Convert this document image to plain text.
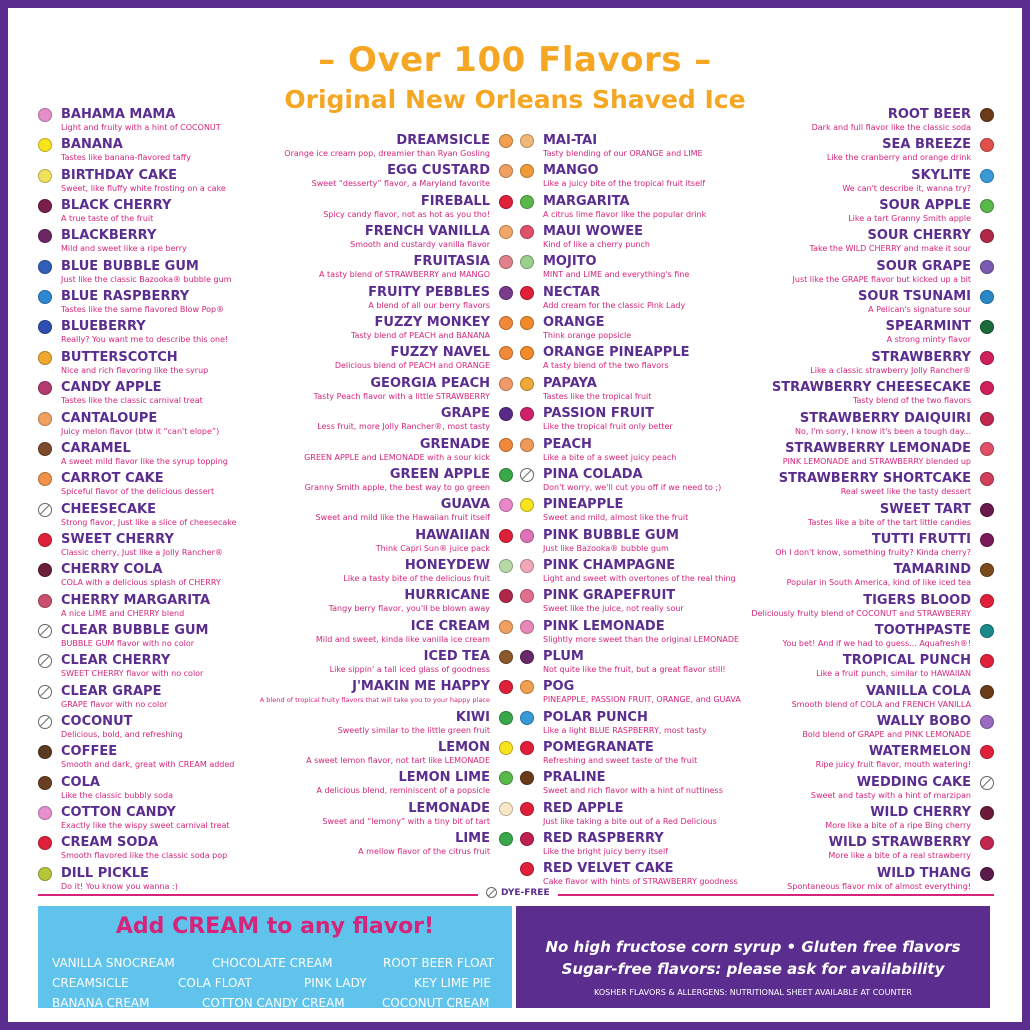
– Over 100 Flavors –
Original New Orleans Shaved Ice
BAHAMA MAMA
Light and fruity with a hint of COCONUT
BANANA
Tastes like banana-flavored taffy
BIRTHDAY CAKE
Sweet, like fluffy white frosting on a cake
BLACK CHERRY
A true taste of the fruit
BLACKBERRY
Mild and sweet like a ripe berry
BLUE BUBBLE GUM
Just like the classic Bazooka® bubble gum
BLUE RASPBERRY
Tastes like the same flavored Blow Pop®
BLUEBERRY
Really? You want me to describe this one!
BUTTERSCOTCH
Nice and rich flavoring like the syrup
CANDY APPLE
Tastes like the classic carnival treat
CANTALOUPE
Juicy melon flavor (btw it “can't elope”)
CARAMEL
A sweet mild flavor like the syrup topping
CARROT CAKE
Spiceful flavor of the delicious dessert
CHEESECAKE
Strong flavor, Just like a slice of cheesecake
SWEET CHERRY
Classic cherry, Just like a Jolly Rancher®
CHERRY COLA
COLA with a delicious splash of CHERRY
CHERRY MARGARITA
A nice LIME and CHERRY blend
CLEAR BUBBLE GUM
BUBBLE GUM flavor with no color
CLEAR CHERRY
SWEET CHERRY flavor with no color
CLEAR GRAPE
GRAPE flavor with no color
COCONUT
Delicious, bold, and refreshing
COFFEE
Smooth and dark, great with CREAM added
COLA
Like the classic bubbly soda
COTTON CANDY
Exactly like the wispy sweet carnival treat
CREAM SODA
Smooth flavored like the classic soda pop
DILL PICKLE
Do it! You know you wanna :)
DREAMSICLE
Orange ice cream pop, dreamier than Ryan Gosling
EGG CUSTARD
Sweet “desserty” flavor, a Maryland favorite
FIREBALL
Spicy candy flavor, not as hot as you tho!
FRENCH VANILLA
Smooth and custardy vanilla flavor
FRUITASIA
A tasty blend of STRAWBERRY and MANGO
FRUITY PEBBLES
A blend of all our berry flavors
FUZZY MONKEY
Tasty blend of PEACH and BANANA
FUZZY NAVEL
Delicious blend of PEACH and ORANGE
GEORGIA PEACH
Tasty Peach flavor with a little STRAWBERRY
GRAPE
Less fruit, more Jolly Rancher®, most tasty
GRENADE
GREEN APPLE and LEMONADE with a sour kick
GREEN APPLE
Granny Smith apple, the best way to go green
GUAVA
Sweet and mild like the Hawaiian fruit itself
HAWAIIAN
Think Capri Sun® juice pack
HONEYDEW
Like a tasty bite of the delicious fruit
HURRICANE
Tangy berry flavor, you'll be blown away
ICE CREAM
Mild and sweet, kinda like vanilla ice cream
ICED TEA
Like sippin' a tall iced glass of goodness
J'MAKIN ME HAPPY
A blend of tropical fruity flavors that will take you to your happy place
KIWI
Sweetly similar to the little green fruit
LEMON
A sweet lemon flavor, not tart like LEMONADE
LEMON LIME
A delicious blend, reminiscent of a popsicle
LEMONADE
Sweet and “lemony” with a tiny bit of tart
LIME
A mellow flavor of the citrus fruit
MAI-TAI
Tasty blending of our ORANGE and LIME
MANGO
Like a juicy bite of the tropical fruit itself
MARGARITA
A citrus lime flavor like the popular drink
MAUI WOWEE
Kind of like a cherry punch
MOJITO
MINT and LIME and everything's fine
NECTAR
Add cream for the classic Pink Lady
ORANGE
Think orange popsicle
ORANGE PINEAPPLE
A tasty blend of the two flavors
PAPAYA
Tastes like the tropical fruit
PASSION FRUIT
Like the tropical fruit only better
PEACH
Like a bite of a sweet juicy peach
PINA COLADA
Don't worry, we'll cut you off if we need to ;)
PINEAPPLE
Sweet and mild, almost like the fruit
PINK BUBBLE GUM
Just like Bazooka® bubble gum
PINK CHAMPAGNE
Light and sweet with overtones of the real thing
PINK GRAPEFRUIT
Sweet like the juice, not really sour
PINK LEMONADE
Slightly more sweet than the original LEMONADE
PLUM
Not quite like the fruit, but a great flavor still!
POG
PINEAPPLE, PASSION FRUIT, ORANGE, and GUAVA
POLAR PUNCH
Like a light BLUE RASPBERRY, most tasty
POMEGRANATE
Refreshing and sweet taste of the fruit
PRALINE
Sweet and rich flavor with a hint of nuttiness
RED APPLE
Just like taking a bite out of a Red Delicious
RED RASPBERRY
Like the bright juicy berry itself
RED VELVET CAKE
Cake flavor with hints of STRAWBERRY goodness
ROOT BEER
Dark and full flavor like the classic soda
SEA BREEZE
Like the cranberry and orange drink
SKYLITE
We can't describe it, wanna try?
SOUR APPLE
Like a tart Granny Smith apple
SOUR CHERRY
Take the WILD CHERRY and make it sour
SOUR GRAPE
Just like the GRAPE flavor but kicked up a bit
SOUR TSUNAMI
A Pelican's signature sour
SPEARMINT
A strong minty flavor
STRAWBERRY
Like a classic strawberry Jolly Rancher®
STRAWBERRY CHEESECAKE
Tasty blend of the two flavors
STRAWBERRY DAIQUIRI
No, I'm sorry, I know it's been a tough day...
STRAWBERRY LEMONADE
PINK LEMONADE and STRAWBERRY blended up
STRAWBERRY SHORTCAKE
Real sweet like the tasty dessert
SWEET TART
Tastes like a bite of the tart little candies
TUTTI FRUTTI
Oh I don't know, something fruity? Kinda cherry?
TAMARIND
Popular in South America, kind of like iced tea
TIGERS BLOOD
Deliciously fruity blend of COCONUT and STRAWBERRY
TOOTHPASTE
You bet! And if we had to guess... Aquafresh®!
TROPICAL PUNCH
Like a fruit punch, similar to HAWAIIAN
VANILLA COLA
Smooth blend of COLA and FRENCH VANILLA
WALLY BOBO
Bold blend of GRAPE and PINK LEMONADE
WATERMELON
Ripe juicy fruit flavor, mouth watering!
WEDDING CAKE
Sweet and tasty with a hint of marzipan
WILD CHERRY
More like a bite of a ripe Bing cherry
WILD STRAWBERRY
More like a bite of a real strawberry
WILD THANG
Spontaneous flavor mix of almost everything!
DYE-FREE
Add CREAM to any flavor!
VANILLA SNOCREAM	CHOCOLATE CREAM	ROOT BEER FLOAT
CREAMSICLE	COLA FLOAT	PINK LADY	KEY LIME PIE
BANANA CREAM	COTTON CANDY CREAM	COCONUT CREAM
No high fructose corn syrup • Gluten free flavors
Sugar-free flavors: please ask for availability
KOSHER FLAVORS & ALLERGENS: NUTRITIONAL SHEET AVAILABLE AT COUNTER
